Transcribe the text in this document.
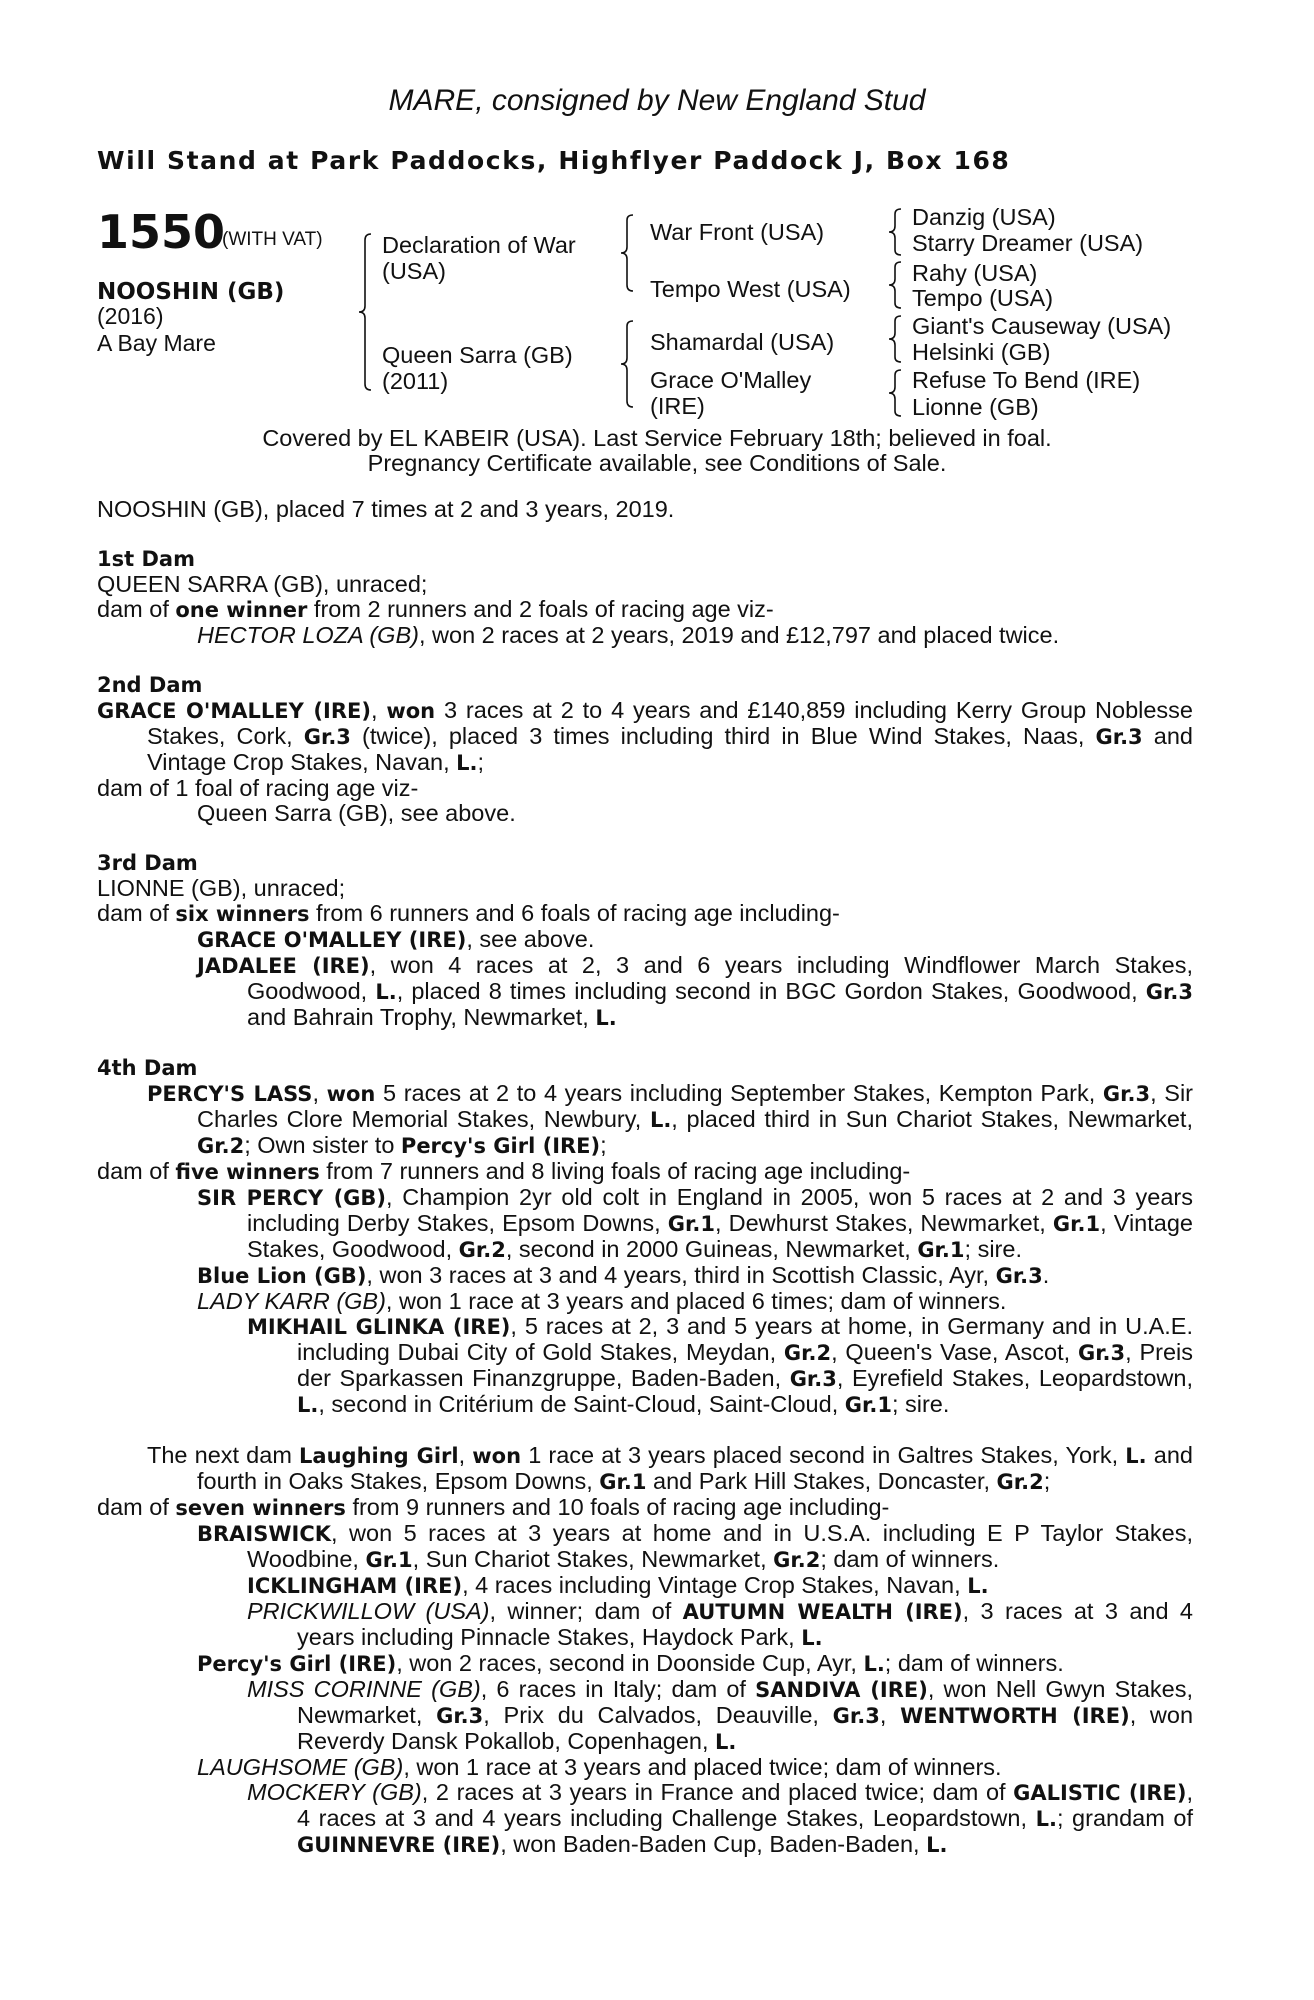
MARE, consigned by New England Stud
Will Stand at Park Paddocks, Highflyer Paddock J, Box 168
1550
(WITH VAT)
NOOSHIN (GB)
(2016)
A Bay Mare
Declaration of War
(USA)
Queen Sarra (GB)
(2011)
War Front (USA)
Tempo West (USA)
Shamardal (USA)
Grace O'Malley
(IRE)
Danzig (USA)
Starry Dreamer (USA)
Rahy (USA)
Tempo (USA)
Giant's Causeway (USA)
Helsinki (GB)
Refuse To Bend (IRE)
Lionne (GB)
Covered by EL KABEIR (USA). Last Service February 18th; believed in foal.
Pregnancy Certificate available, see Conditions of Sale.

NOOSHIN (GB), placed 7 times at 2 and 3 years, 2019.

1st Dam

QUEEN SARRA (GB), unraced;

dam of one winner from 2 runners and 2 foals of racing age viz-

HECTOR LOZA (GB), won 2 races at 2 years, 2019 and £12,797 and placed twice.

2nd Dam

GRACE O'MALLEY (IRE), won 3 races at 2 to 4 years and £140,859 including Kerry Group Noblesse Stakes, Cork, Gr.3 (twice), placed 3 times including third in Blue Wind Stakes, Naas, Gr.3 and Vintage Crop Stakes, Navan, L.;

dam of 1 foal of racing age viz-

Queen Sarra (GB), see above.

3rd Dam

LIONNE (GB), unraced;

dam of six winners from 6 runners and 6 foals of racing age including-

GRACE O'MALLEY (IRE), see above.

JADALEE (IRE), won 4 races at 2, 3 and 6 years including Windflower March Stakes, Goodwood, L., placed 8 times including second in BGC Gordon Stakes, Goodwood, Gr.3 and Bahrain Trophy, Newmarket, L.

4th Dam

PERCY'S LASS, won 5 races at 2 to 4 years including September Stakes, Kempton Park, Gr.3, Sir Charles Clore Memorial Stakes, Newbury, L., placed third in Sun Chariot Stakes, Newmarket, Gr.2; Own sister to Percy's Girl (IRE);

dam of five winners from 7 runners and 8 living foals of racing age including-

SIR PERCY (GB), Champion 2yr old colt in England in 2005, won 5 races at 2 and 3 years including Derby Stakes, Epsom Downs, Gr.1, Dewhurst Stakes, Newmarket, Gr.1, Vintage Stakes, Goodwood, Gr.2, second in 2000 Guineas, Newmarket, Gr.1; sire.

Blue Lion (GB), won 3 races at 3 and 4 years, third in Scottish Classic, Ayr, Gr.3.

LADY KARR (GB), won 1 race at 3 years and placed 6 times; dam of winners.

MIKHAIL GLINKA (IRE), 5 races at 2, 3 and 5 years at home, in Germany and in U.A.E. including Dubai City of Gold Stakes, Meydan, Gr.2, Queen's Vase, Ascot, Gr.3, Preis der Sparkassen Finanzgruppe, Baden-Baden, Gr.3, Eyrefield Stakes, Leopardstown, L., second in Critérium de Saint-Cloud, Saint-Cloud, Gr.1; sire.

The next dam Laughing Girl, won 1 race at 3 years placed second in Galtres Stakes, York, L. and fourth in Oaks Stakes, Epsom Downs, Gr.1 and Park Hill Stakes, Doncaster, Gr.2;

dam of seven winners from 9 runners and 10 foals of racing age including-

BRAISWICK, won 5 races at 3 years at home and in U.S.A. including E P Taylor Stakes, Woodbine, Gr.1, Sun Chariot Stakes, Newmarket, Gr.2; dam of winners.

ICKLINGHAM (IRE), 4 races including Vintage Crop Stakes, Navan, L.

PRICKWILLOW (USA), winner; dam of AUTUMN WEALTH (IRE), 3 races at 3 and 4 years including Pinnacle Stakes, Haydock Park, L.

Percy's Girl (IRE), won 2 races, second in Doonside Cup, Ayr, L.; dam of winners.

MISS CORINNE (GB), 6 races in Italy; dam of SANDIVA (IRE), won Nell Gwyn Stakes, Newmarket, Gr.3, Prix du Calvados, Deauville, Gr.3, WENTWORTH (IRE), won Reverdy Dansk Pokallob, Copenhagen, L.

LAUGHSOME (GB), won 1 race at 3 years and placed twice; dam of winners.

MOCKERY (GB), 2 races at 3 years in France and placed twice; dam of GALISTIC (IRE), 4 races at 3 and 4 years including Challenge Stakes, Leopardstown, L.; grandam of GUINNEVRE (IRE), won Baden-Baden Cup, Baden-Baden, L.
